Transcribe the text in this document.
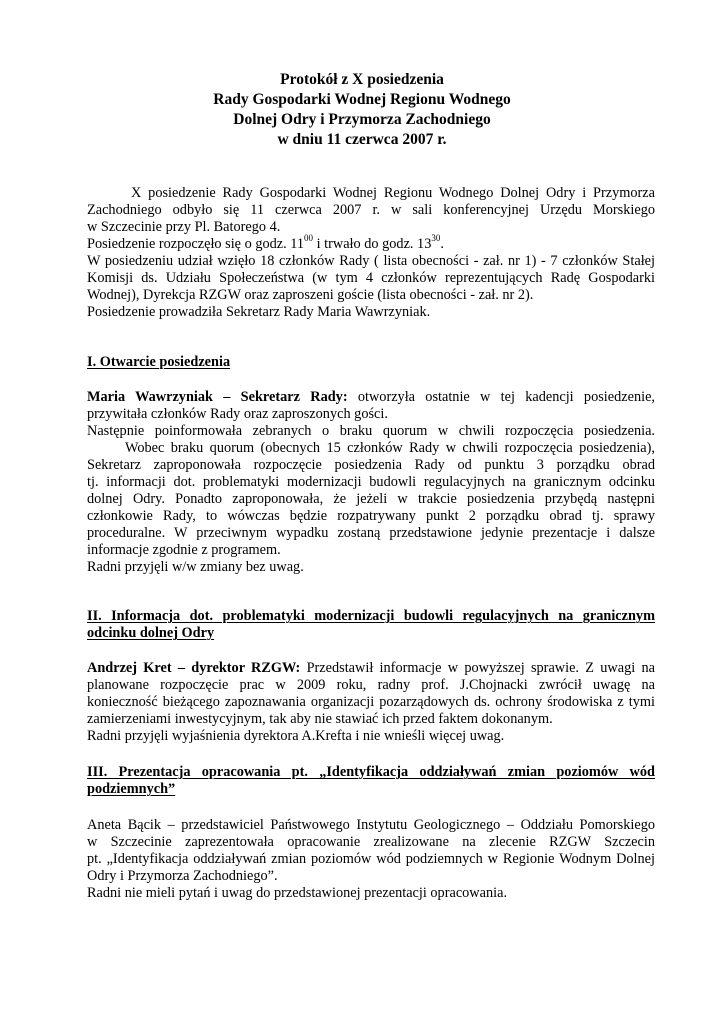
Protokół z X posiedzenia
Rady Gospodarki Wodnej Regionu Wodnego
Dolnej Odry i Przymorza Zachodniego
w dniu 11 czerwca 2007 r.
X posiedzenie Rady Gospodarki Wodnej Regionu Wodnego Dolnej Odry i Przymorza
Zachodniego odbyło się 11 czerwca 2007 r. w sali konferencyjnej Urzędu Morskiego
w Szczecinie przy Pl. Batorego 4.
Posiedzenie rozpoczęło się o godz. $11^{00}$ i trwało do godz. $13^{30}$.
W posiedzeniu udział wzięło 18 członków Rady ( lista obecności - zał. nr 1) - 7 członków Stałej
Komisji ds. Udziału Społeczeństwa (w tym 4 członków reprezentujących Radę Gospodarki
Wodnej), Dyrekcja RZGW oraz zaproszeni goście (lista obecności - zał. nr 2).
Posiedzenie prowadziła Sekretarz Rady Maria Wawrzyniak.
I. Otwarcie posiedzenia
Maria Wawrzyniak – Sekretarz Rady: otworzyła ostatnie w tej kadencji posiedzenie,
przywitała członków Rady oraz zaproszonych gości.
Następnie poinformowała zebranych o braku quorum w chwili rozpoczęcia posiedzenia.
Wobec braku quorum (obecnych 15 członków Rady w chwili rozpoczęcia posiedzenia),
Sekretarz zaproponowała rozpoczęcie posiedzenia Rady od punktu 3 porządku obrad
tj. informacji dot. problematyki modernizacji budowli regulacyjnych na granicznym odcinku
dolnej Odry. Ponadto zaproponowała, że jeżeli w trakcie posiedzenia przybędą następni
członkowie Rady, to wówczas będzie rozpatrywany punkt 2 porządku obrad tj. sprawy
proceduralne. W przeciwnym wypadku zostaną przedstawione jedynie prezentacje i dalsze
informacje zgodnie z programem.
Radni przyjęli w/w zmiany bez uwag.
II. Informacja dot. problematyki modernizacji budowli regulacyjnych na granicznym
odcinku dolnej Odry
Andrzej Kret – dyrektor RZGW: Przedstawił informacje w powyższej sprawie. Z uwagi na
planowane rozpoczęcie prac w 2009 roku, radny prof. J.Chojnacki zwrócił uwagę na
konieczność bieżącego zapoznawania organizacji pozarządowych ds. ochrony środowiska z tymi
zamierzeniami inwestycyjnym, tak aby nie stawiać ich przed faktem dokonanym.
Radni przyjęli wyjaśnienia dyrektora A.Krefta i nie wnieśli więcej uwag.
III. Prezentacja opracowania pt. „Identyfikacja oddziaływań zmian poziomów wód
podziemnych”
Aneta Bącik – przedstawiciel Państwowego Instytutu Geologicznego – Oddziału Pomorskiego
w Szczecinie zaprezentowała opracowanie zrealizowane na zlecenie RZGW Szczecin
pt. „Identyfikacja oddziaływań zmian poziomów wód podziemnych w Regionie Wodnym Dolnej
Odry i Przymorza Zachodniego”.
Radni nie mieli pytań i uwag do przedstawionej prezentacji opracowania.
